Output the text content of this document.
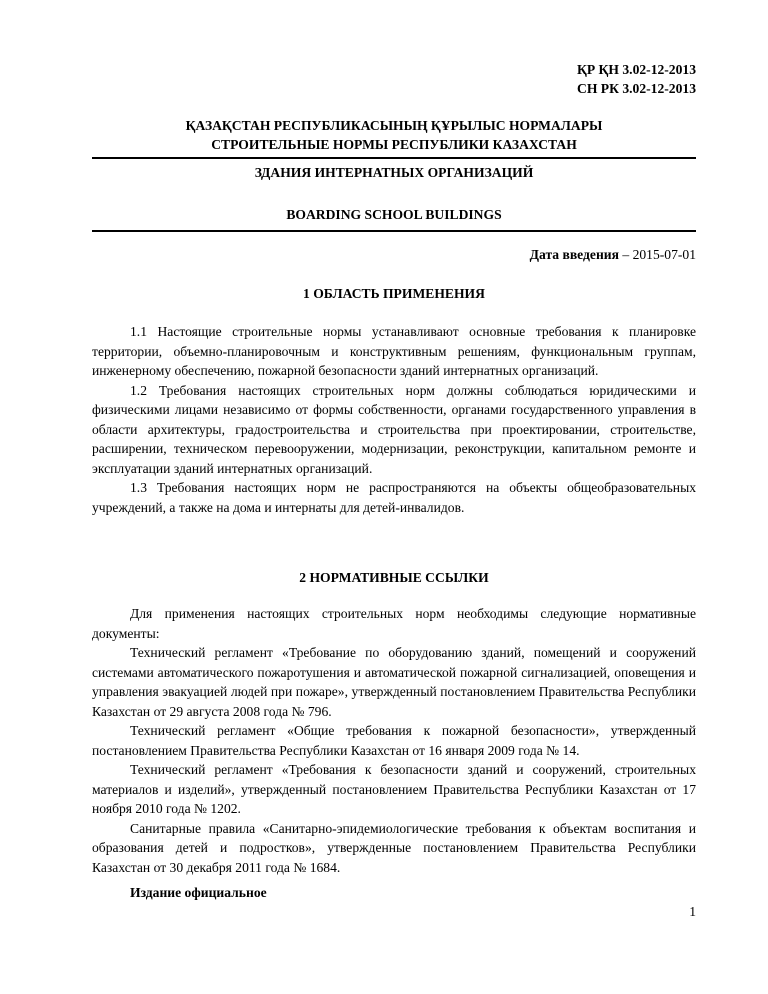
ҚР ҚН 3.02-12-2013
СН РК 3.02-12-2013
ҚАЗАҚСТАН РЕСПУБЛИКАСЫНЫҢ ҚҰРЫЛЫС НОРМАЛАРЫ
СТРОИТЕЛЬНЫЕ НОРМЫ РЕСПУБЛИКИ КАЗАХСТАН
ЗДАНИЯ ИНТЕРНАТНЫХ ОРГАНИЗАЦИЙ
BOARDING SCHOOL BUILDINGS
Дата введения – 2015-07-01
1 ОБЛАСТЬ ПРИМЕНЕНИЯ

1.1 Настоящие строительные нормы устанавливают основные требования к планировке территории, объемно-планировочным и конструктивным решениям, функциональным группам, инженерному обеспечению, пожарной безопасности зданий интернатных организаций.

1.2 Требования настоящих строительных норм должны соблюдаться юридическими и физическими лицами независимо от формы собственности, органами государственного управления в области архитектуры, градостроительства и строительства при проектировании, строительстве, расширении, техническом перевооружении, модернизации, реконструкции, капитальном ремонте и эксплуатации зданий интернатных организаций.

1.3 Требования настоящих норм не распространяются на объекты общеобразовательных учреждений, а также на дома и интернаты для детей-инвалидов.

2 НОРМАТИВНЫЕ ССЫЛКИ

Для применения настоящих строительных норм необходимы следующие нормативные документы:

Технический регламент «Требование по оборудованию зданий, помещений и сооружений системами автоматического пожаротушения и автоматической пожарной сигнализацией, оповещения и управления эвакуацией людей при пожаре», утвержденный постановлением Правительства Республики Казахстан от 29 августа 2008 года № 796.

Технический регламент «Общие требования к пожарной безопасности», утвержденный постановлением Правительства Республики Казахстан от 16 января 2009 года № 14.

Технический регламент «Требования к безопасности зданий и сооружений, строительных материалов и изделий», утвержденный постановлением Правительства Республики Казахстан от 17 ноября 2010 года № 1202.

Санитарные правила «Санитарно-эпидемиологические требования к объектам воспитания и образования детей и подростков», утвержденные постановлением Правительства Республики Казахстан от 30 декабря 2011 года № 1684.

Издание официальное
1
